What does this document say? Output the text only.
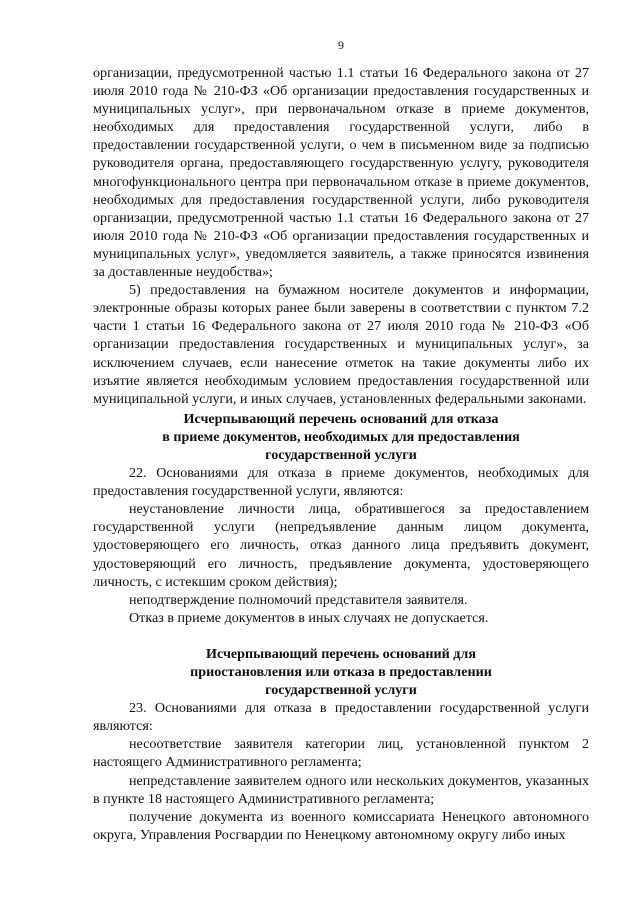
9

организации, предусмотренной частью 1.1 статьи 16 Федерального закона от 27 июля 2010 года № 210-ФЗ «Об организации предоставления государственных и муниципальных услуг», при первоначальном отказе в приеме документов, необходимых для предоставления государственной услуги, либо в предоставлении государственной услуги, о чем в письменном виде за подписью руководителя органа, предоставляющего государственную услугу, руководителя многофункционального центра при первоначальном отказе в приеме документов, необходимых для предоставления государственной услуги, либо руководителя организации, предусмотренной частью 1.1 статьи 16 Федерального закона от 27 июля 2010 года № 210-ФЗ «Об организации предоставления государственных и муниципальных услуг», уведомляется заявитель, а также приносятся извинения за доставленные неудобства»;

5) предоставления на бумажном носителе документов и информации, электронные образы которых ранее были заверены в соответствии с пунктом 7.2 части 1 статьи 16 Федерального закона от 27 июля 2010 года № 210-ФЗ «Об организации предоставления государственных и муниципальных услуг», за исключением случаев, если нанесение отметок на такие документы либо их изъятие является необходимым условием предоставления государственной или муниципальной услуги, и иных случаев, установленных федеральными законами.

Исчерпывающий перечень оснований для отказа

в приеме документов, необходимых для предоставления

государственной услуги

22. Основаниями для отказа в приеме документов, необходимых для предоставления государственной услуги, являются:

неустановление личности лица, обратившегося за предоставлением государственной услуги (непредъявление данным лицом документа, удостоверяющего его личность, отказ данного лица предъявить документ, удостоверяющий его личность, предъявление документа, удостоверяющего личность, с истекшим сроком действия);

неподтверждение полномочий представителя заявителя.

Отказ в приеме документов в иных случаях не допускается.

Исчерпывающий перечень оснований для

приостановления или отказа в предоставлении

государственной услуги

23. Основаниями для отказа в предоставлении государственной услуги являются:

несоответствие заявителя категории лиц, установленной пунктом 2 настоящего Административного регламента;

непредставление заявителем одного или нескольких документов, указанных в пункте 18 настоящего Административного регламента;

получение документа из военного комиссариата Ненецкого автономного округа, Управления Росгвардии по Ненецкому автономному округу либо иных
